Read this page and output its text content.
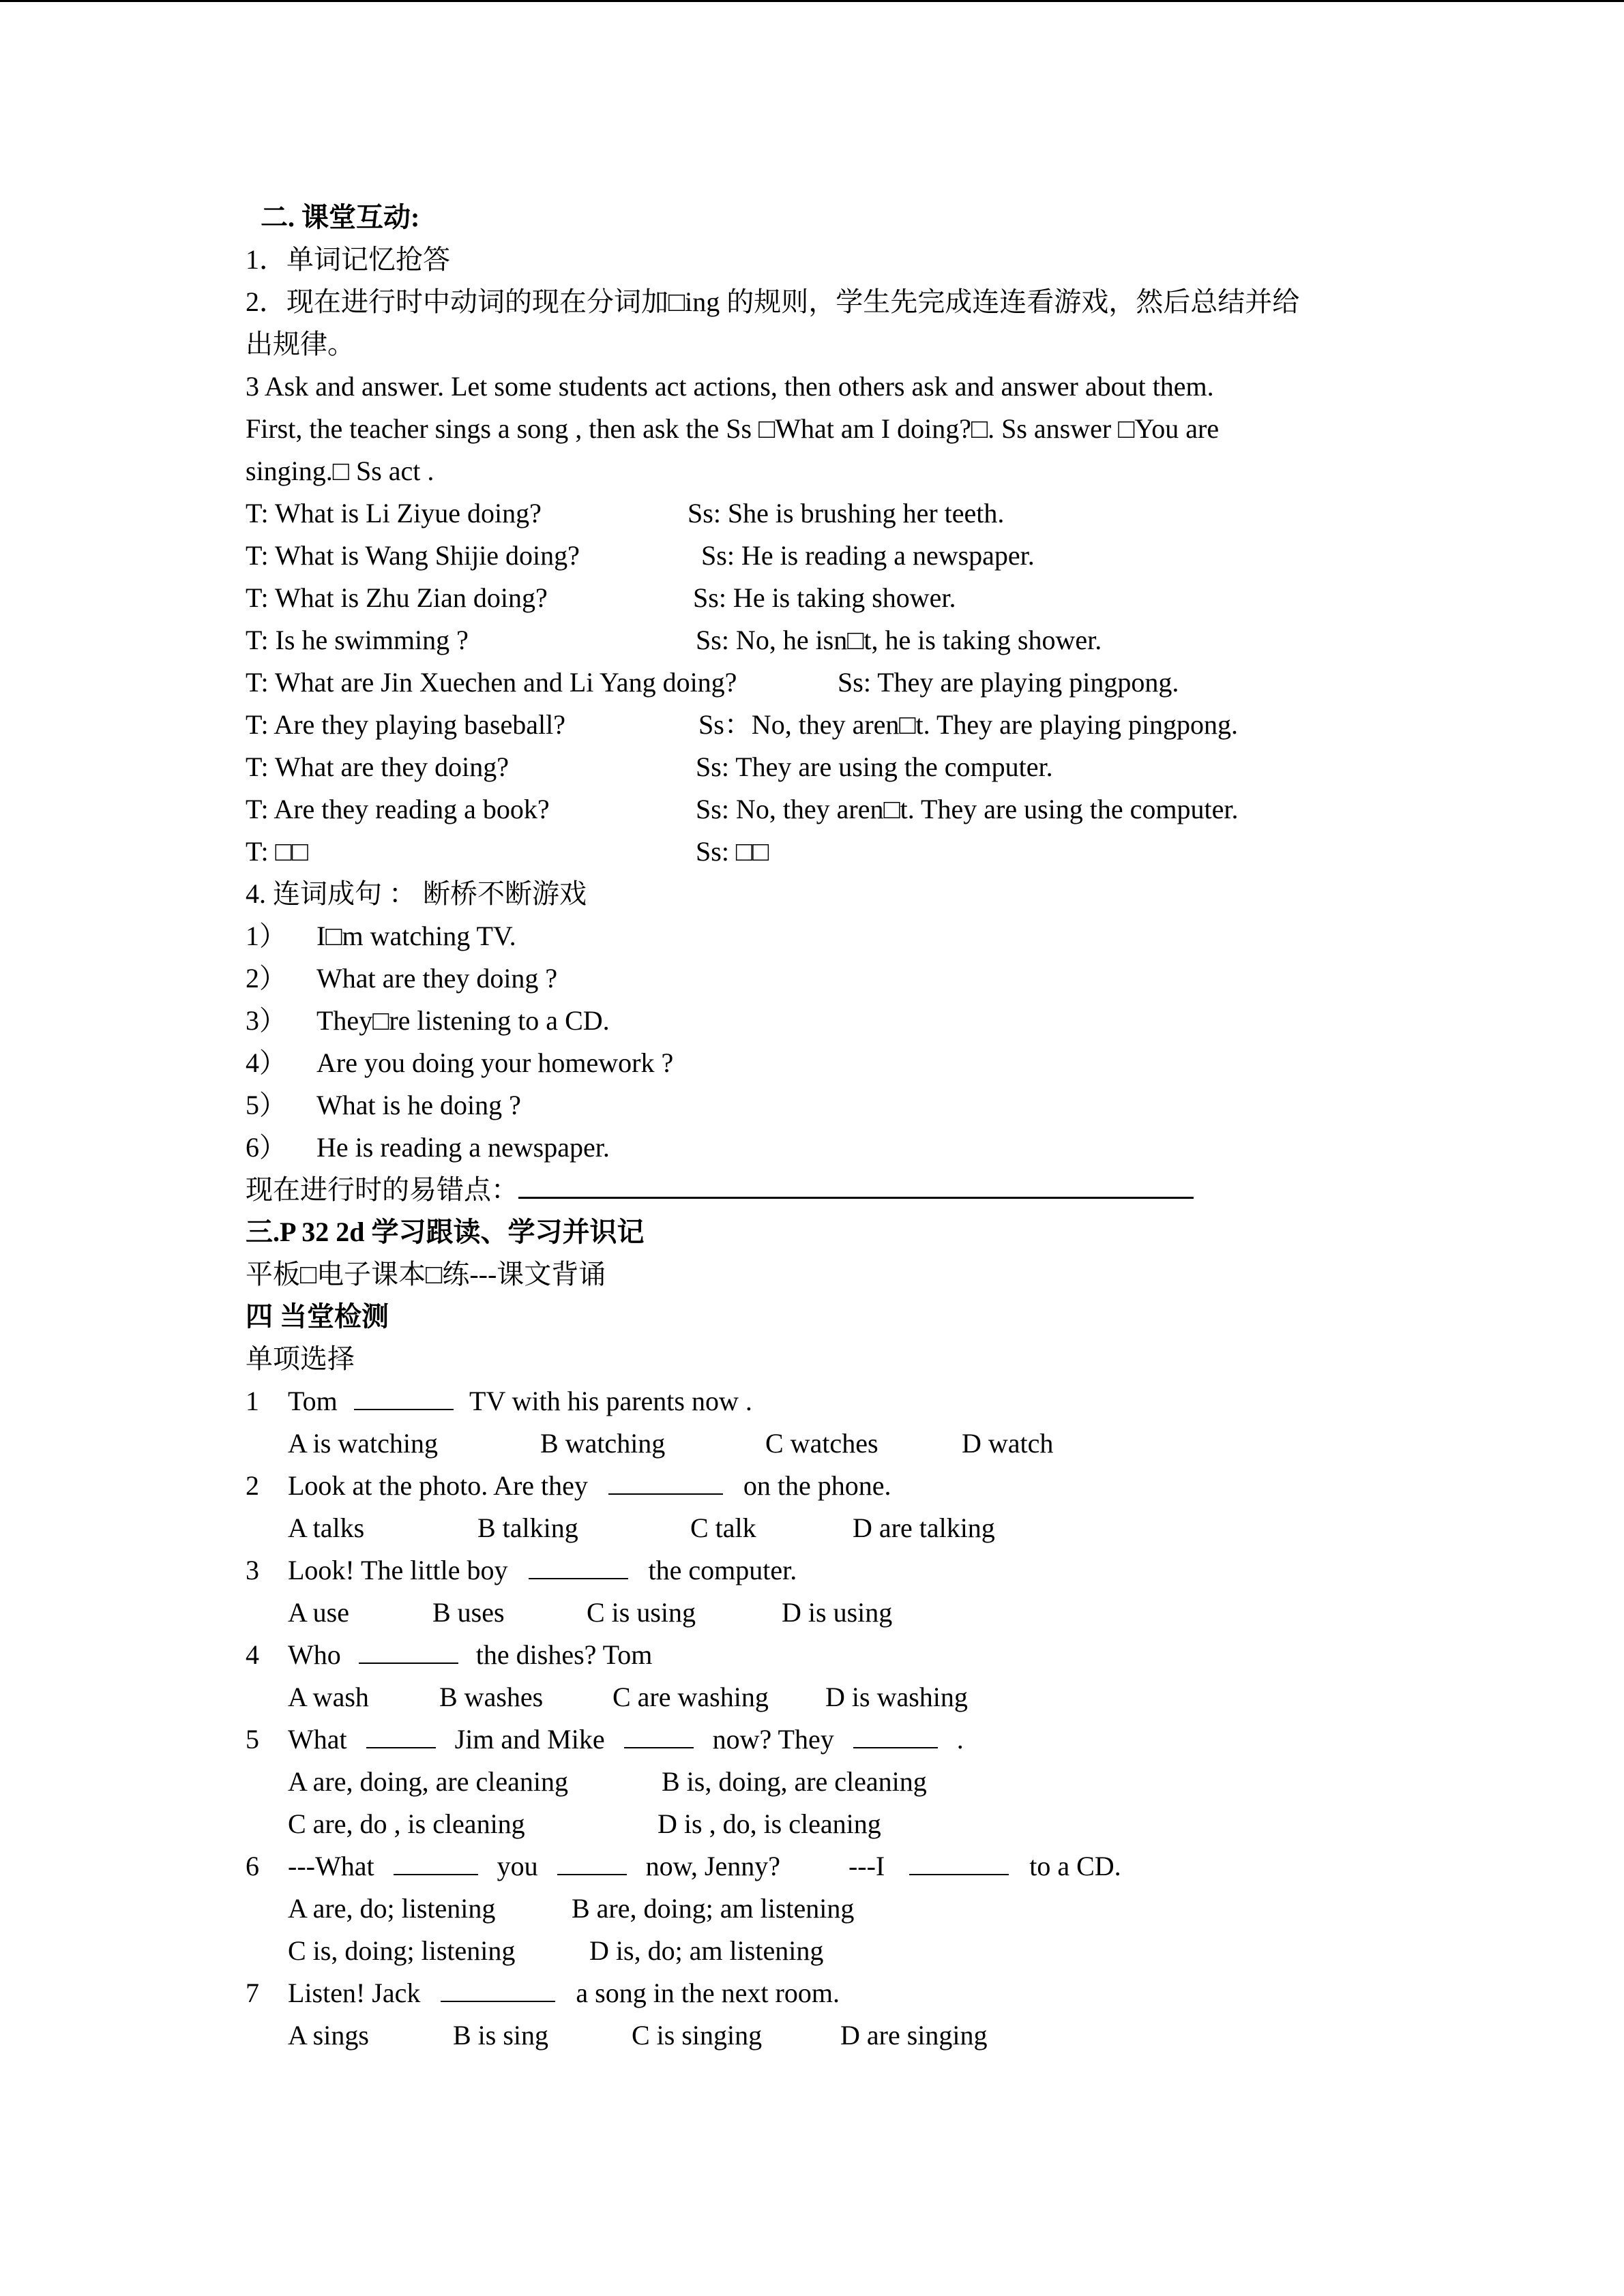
二. 课堂互动:
1．单词记忆抢答
2．现在进行时中动词的现在分词加□ing 的规则，学生先完成连连看游戏，然后总结并给
出规律。
3 Ask and answer. Let some students act actions, then others ask and answer about them.
First, the teacher sings a song , then ask the Ss □What am I doing?□. Ss answer □You are
singing.□ Ss act .
T: What is Li Ziyue doing?	Ss: She is brushing her teeth.
T: What is Wang Shijie doing?	Ss: He is reading a newspaper.
T: What is Zhu Zian doing?	Ss: He is taking shower.
T: Is he swimming ?	Ss: No, he isn□t, he is taking shower.
T: What are Jin Xuechen and Li Yang doing?	Ss: They are playing pingpong.
T: Are they playing baseball?	Ss：No, they aren□t. They are playing pingpong.
T: What are they doing?	Ss: They are using the computer.
T: Are they reading a book?	Ss: No, they aren□t. They are using the computer.
T: □□	Ss: □□
4. 连词成句 ： 断桥不断游戏
1） I□m watching TV.
2） What are they doing ?
3） They□re listening to a CD.
4） Are you doing your homework ?
5） What is he doing ?
6） He is reading a newspaper.
现在进行时的易错点：
三.P 32 2d 学习跟读、学习并识记
平板□电子课本□练---课文背诵
四 当堂检测
单项选择
1 Tom	TV with his parents now .
A is watching	B watching	C watches	D watch
2 Look at the photo. Are they	on the phone.
A talks	B talking	C talk	D are talking
3 Look! The little boy	the computer.
A use	B uses	C is using	D is using
4 Who	the dishes? Tom
A wash	B washes	C are washing D is washing
5 What	Jim and Mike	now? They	.
A are, doing, are cleaning	B is, doing, are cleaning
C are, do , is cleaning	D is , do, is cleaning
6 ---What	you	now, Jenny?	---I	to a CD.
A are, do; listening	B are, doing; am listening
C is, doing; listening	D is, do; am listening
7 Listen! Jack	a song in the next room.
A sings	B is sing	C is singing	D are singing
